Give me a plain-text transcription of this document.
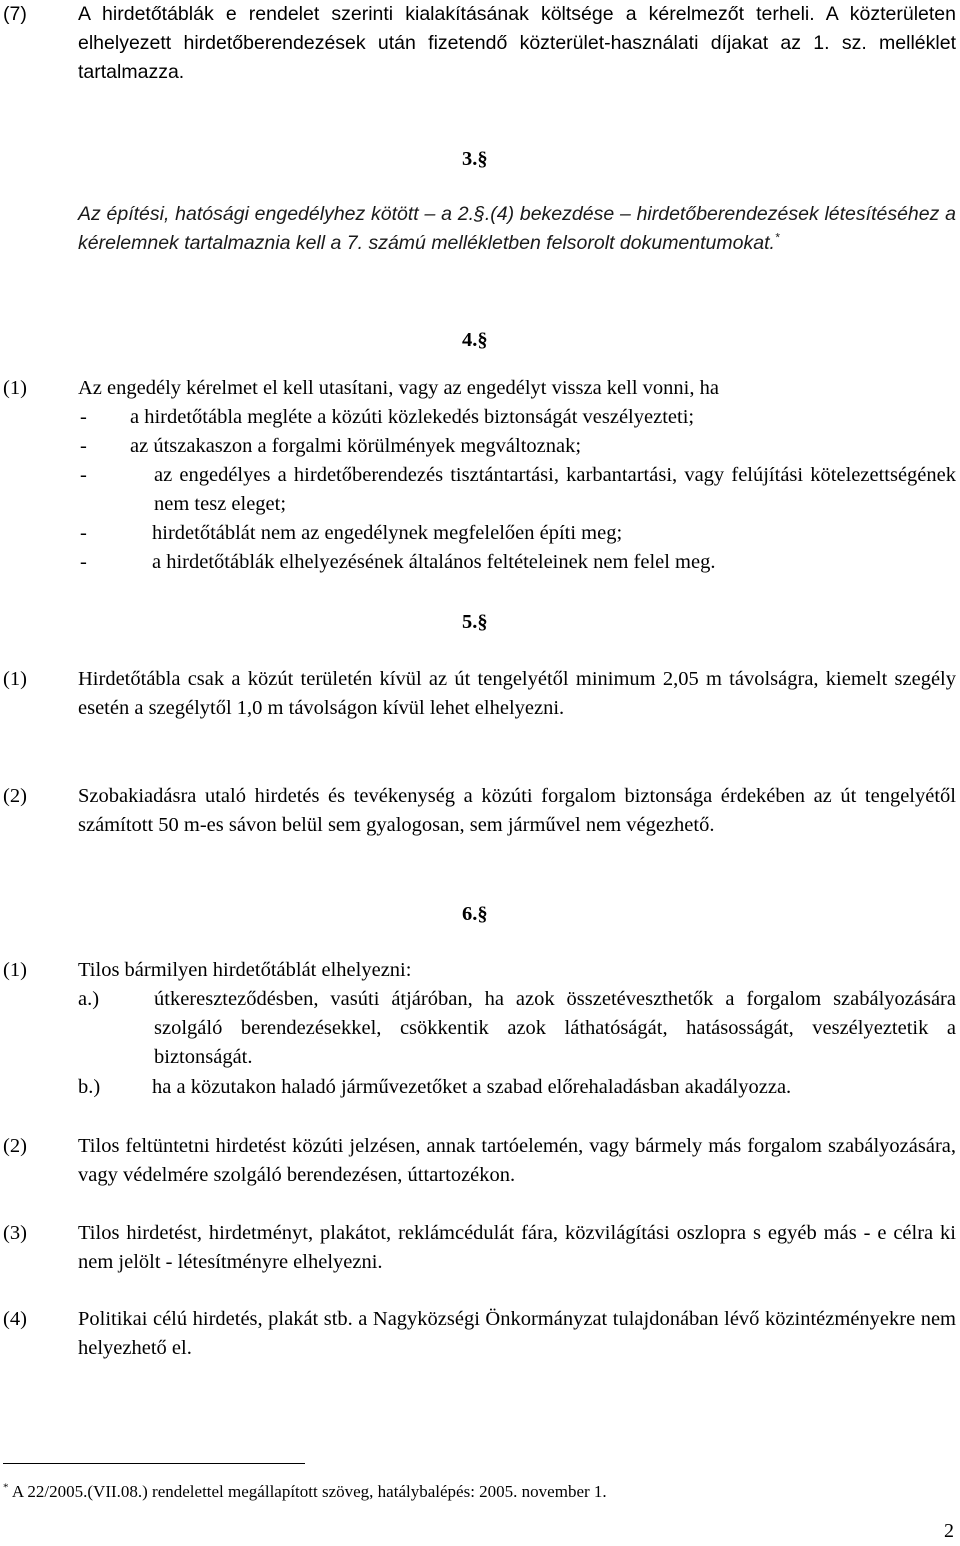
(7)	A hirdetőtáblák e rendelet szerinti kialakításának költsége a kérelmezőt terheli. A közterületen elhelyezett hirdetőberendezések után fizetendő közterület-használati díjakat az 1. sz. melléklet tartalmazza.
3.§
Az építési, hatósági engedélyhez kötött – a 2.§.(4) bekezdése – hirdetőberendezések létesítéséhez a kérelemnek tartalmaznia kell a 7. számú mellékletben felsorolt dokumentumokat.*
4.§
(1) Az engedély kérelmet el kell utasítani, vagy az engedélyt vissza kell vonni, ha
- a hirdetőtábla megléte a közúti közlekedés biztonságát veszélyezteti;
- az útszakaszon a forgalmi körülmények megváltoznak;
-	az engedélyes a hirdetőberendezés tisztántartási, karbantartási, vagy felújítási kötelezettségének nem tesz eleget;
-	hirdetőtáblát nem az engedélynek megfelelően építi meg;
-	a hirdetőtáblák elhelyezésének általános feltételeinek nem felel meg.
5.§
(1) Hirdetőtábla csak a közút területén kívül az út tengelyétől minimum 2,05 m távolságra, kiemelt szegély esetén a szegélytől 1,0 m távolságon kívül lehet elhelyezni.
(2) Szobakiadásra utaló hirdetés és tevékenység a közúti forgalom biztonsága érdekében az út tengelyétől számított 50 m-es sávon belül sem gyalogosan, sem járművel nem végezhető.
6.§
(1) Tilos bármilyen hirdetőtáblát elhelyezni:
a.)	útkereszteződésben, vasúti átjáróban, ha azok összetéveszthetők a forgalom szabályozására szolgáló berendezésekkel, csökkentik azok láthatóságát, hatásosságát, veszélyeztetik a biztonságát.
b.)	ha a közutakon haladó járművezetőket a szabad előrehaladásban akadályozza.
(2) Tilos feltüntetni hirdetést közúti jelzésen, annak tartóelemén, vagy bármely más forgalom szabályozására, vagy védelmére szolgáló berendezésen, úttartozékon.
(3) Tilos hirdetést, hirdetményt, plakátot, reklámcédulát fára, közvilágítási oszlopra s egyéb más - e célra ki nem jelölt - létesítményre elhelyezni.
(4) Politikai célú hirdetés, plakát stb. a Nagyközségi Önkormányzat tulajdonában lévő közintézményekre nem helyezhető el.
* A 22/2005.(VII.08.) rendelettel megállapított szöveg, hatálybalépés: 2005. november 1.
2
